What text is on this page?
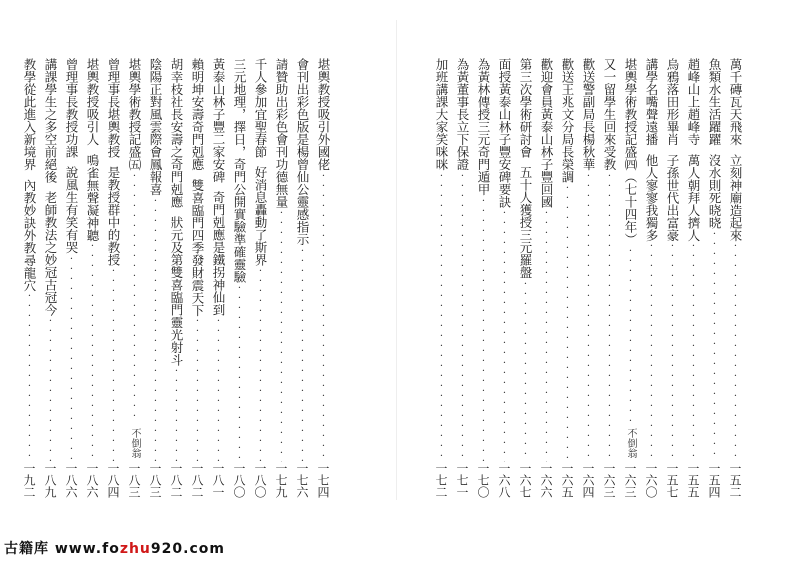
萬千磚瓦天飛來
立刻神廟造起來
·····
一五二
魚類水生活躍躍
沒水則死晓晓
·····
一五四
趙峰山上趙峰寺
萬人朝拜人擠人
·····
一五五
烏鴉落田形畢肖
子孫世代出富豪
·····
一五七
講學名嘴聲遠播
他人寥寥我獨多
·····
一六〇
堪輿學術教授記盛㈣（七十四年）
·····
不倒翁
一六三
又一留學生回來受教
·····
一六三
歡送警副局長楊秋華
·····
一六四
歡送王兆文分局長榮調
·····
一六五
歡迎會員黃泰山林子豐回國
·····
一六六
第三次學術研討會
五十人獲授三元羅盤
·····
一六七
面授黃泰山林子豐安碑要訣
·····
一六八
為黃林傳授三元奇門遁甲
·····
一七〇
為黃董事長立下保證
·····
一七一
加班講課大家笑咪咪
·····
一七二
堪輿教授吸引外國佬
·····
一七四
會刊出彩色版是楊曾仙公靈感指示
·····
一七六
請贊助出彩色會刊功德無量
·····
一七九
千人參加宜聖春節
好消息轟動了斯界
·····
一八〇
三元地理，擇日，奇門公開實驗準確靈驗
·····
一八〇
黃泰山林子豐二家安碑
奇門剋應是鐵拐神仙到
·····
一八一
賴明坤安壽奇門剋應
雙喜臨門四季發財震天下
·····
一八二
胡幸枝社長安壽之奇門剋應
狀元及第雙喜臨門靈光射斗
·····
一八二
陰陽正對風雲際會鳳報喜
·····
一八三
堪輿學術教授記盛㈤
·····
不倒翁
一八三
曾理事長堪輿教授
是教授群中的教授
·····
一八四
堪輿教授吸引人
鳴雀無聲凝神聽
·····
一八六
曾理事長教授功課
說風生有笑有哭
·····
一八六
講課學生之多空前絕後
老師教法之妙冠古冠今
·····
一八九
教學從此進入新境界
內教妙訣外教尋龍穴
·····
一九二
古籍库 www.fozhu920.com
